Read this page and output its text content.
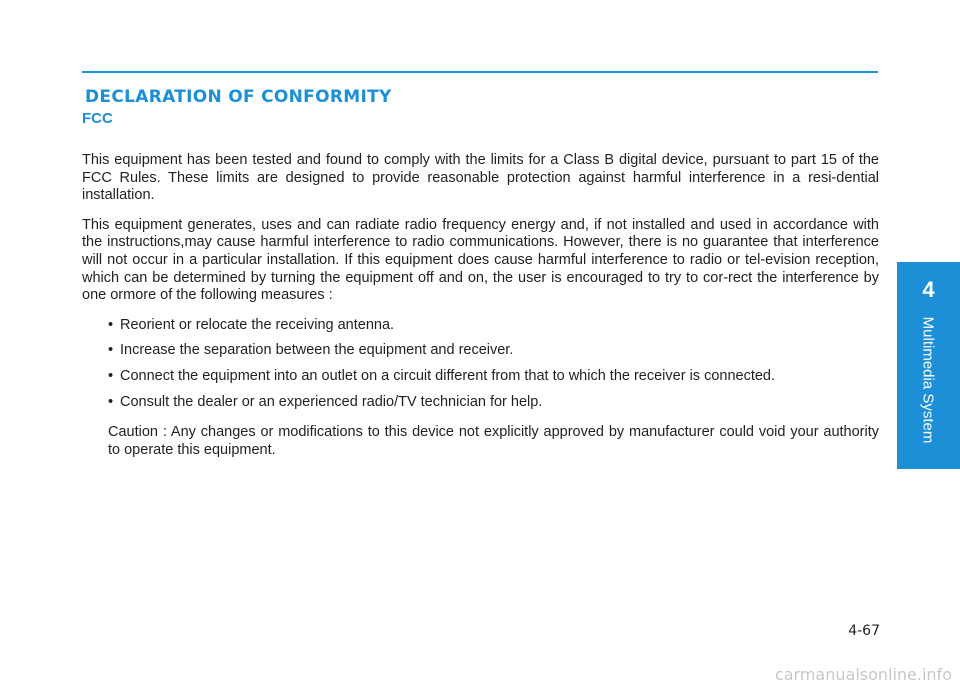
DECLARATION OF CONFORMITY
FCC

This equipment has been tested and found to comply with the limits for a Class B digital device, pursuant to part 15 of the FCC Rules. These limits are designed to provide reasonable protection against harmful interference in a resi-dential installation.

This equipment generates, uses and can radiate radio frequency energy and, if not installed and used in accordance with the instructions,may cause harmful interference to radio communications. However, there is no guarantee that interference will not occur in a particular installation. If this equipment does cause harmful interference to radio or tel-evision reception, which can be determined by turning the equipment off and on, the user is encouraged to try to cor-rect the interference by one ormore of the following measures :

• Reorient or relocate the receiving antenna.
• Increase the separation between the equipment and receiver.
• Connect the equipment into an outlet on a circuit different from that to which the receiver is connected.
• Consult the dealer or an experienced radio/TV technician for help.

Caution : Any changes or modifications to this device not explicitly approved by manufacturer could void your authority to operate this equipment.

4
Multimedia System
4-67
carmanualsonline.info
